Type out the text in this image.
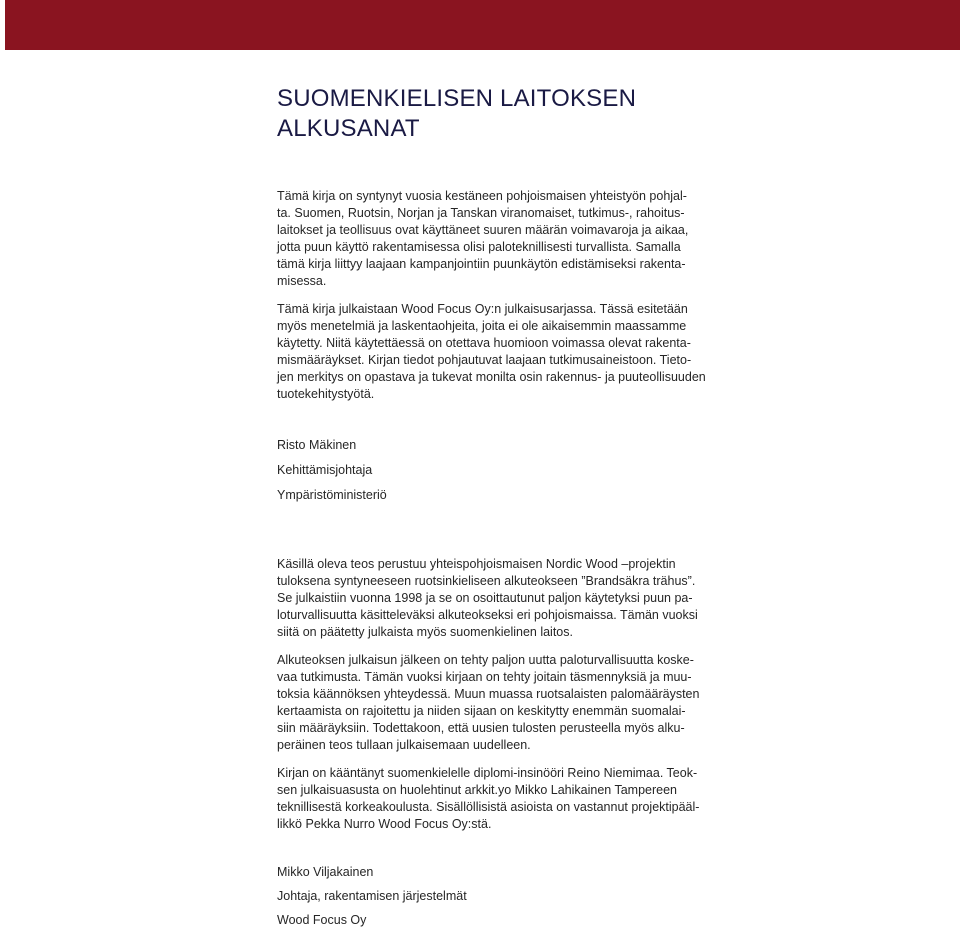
SUOMENKIELISEN LAITOKSEN
ALKUSANAT
Tämä kirja on syntynyt vuosia kestäneen pohjoismaisen yhteistyön pohjal-
ta. Suomen, Ruotsin, Norjan ja Tanskan viranomaiset, tutkimus-, rahoitus-
laitokset ja teollisuus ovat käyttäneet suuren määrän voimavaroja ja aikaa,
jotta puun käyttö rakentamisessa olisi paloteknillisesti turvallista. Samalla
tämä kirja liittyy laajaan kampanjointiin puunkäytön edistämiseksi rakenta-
misessa.
Tämä kirja julkaistaan Wood Focus Oy:n julkaisusarjassa. Tässä esitetään
myös menetelmiä ja laskentaohjeita, joita ei ole aikaisemmin maassamme
käytetty. Niitä käytettäessä on otettava huomioon voimassa olevat rakenta-
mismääräykset. Kirjan tiedot pohjautuvat laajaan tutkimusaineistoon. Tieto-
jen merkitys on opastava ja tukevat monilta osin rakennus- ja puuteollisuuden
tuotekehitystyötä.

Risto Mäkinen

Kehittämisjohtaja

Ympäristöministeriö

Käsillä oleva teos perustuu yhteispohjoismaisen Nordic Wood –projektin
tuloksena syntyneeseen ruotsinkieliseen alkuteokseen ”Brandsäkra trähus”.
Se julkaistiin vuonna 1998 ja se on osoittautunut paljon käytetyksi puun pa-
loturvallisuutta käsitteleväksi alkuteokseksi eri pohjoismaissa. Tämän vuoksi
siitä on päätetty julkaista myös suomenkielinen laitos.
Alkuteoksen julkaisun jälkeen on tehty paljon uutta paloturvallisuutta koske-
vaa tutkimusta. Tämän vuoksi kirjaan on tehty joitain täsmennyksiä ja muu-
toksia käännöksen yhteydessä. Muun muassa ruotsalaisten palomääräysten
kertaamista on rajoitettu ja niiden sijaan on keskitytty enemmän suomalai-
siin määräyksiin. Todettakoon, että uusien tulosten perusteella myös alku-
peräinen teos tullaan julkaisemaan uudelleen.
Kirjan on kääntänyt suomenkielelle diplomi-insinööri Reino Niemimaa. Teok-
sen julkaisuasusta on huolehtinut arkkit.yo Mikko Lahikainen Tampereen
teknillisestä korkeakoulusta. Sisällöllisistä asioista on vastannut projektipääl-
likkö Pekka Nurro Wood Focus Oy:stä.

Mikko Viljakainen

Johtaja, rakentamisen järjestelmät

Wood Focus Oy
